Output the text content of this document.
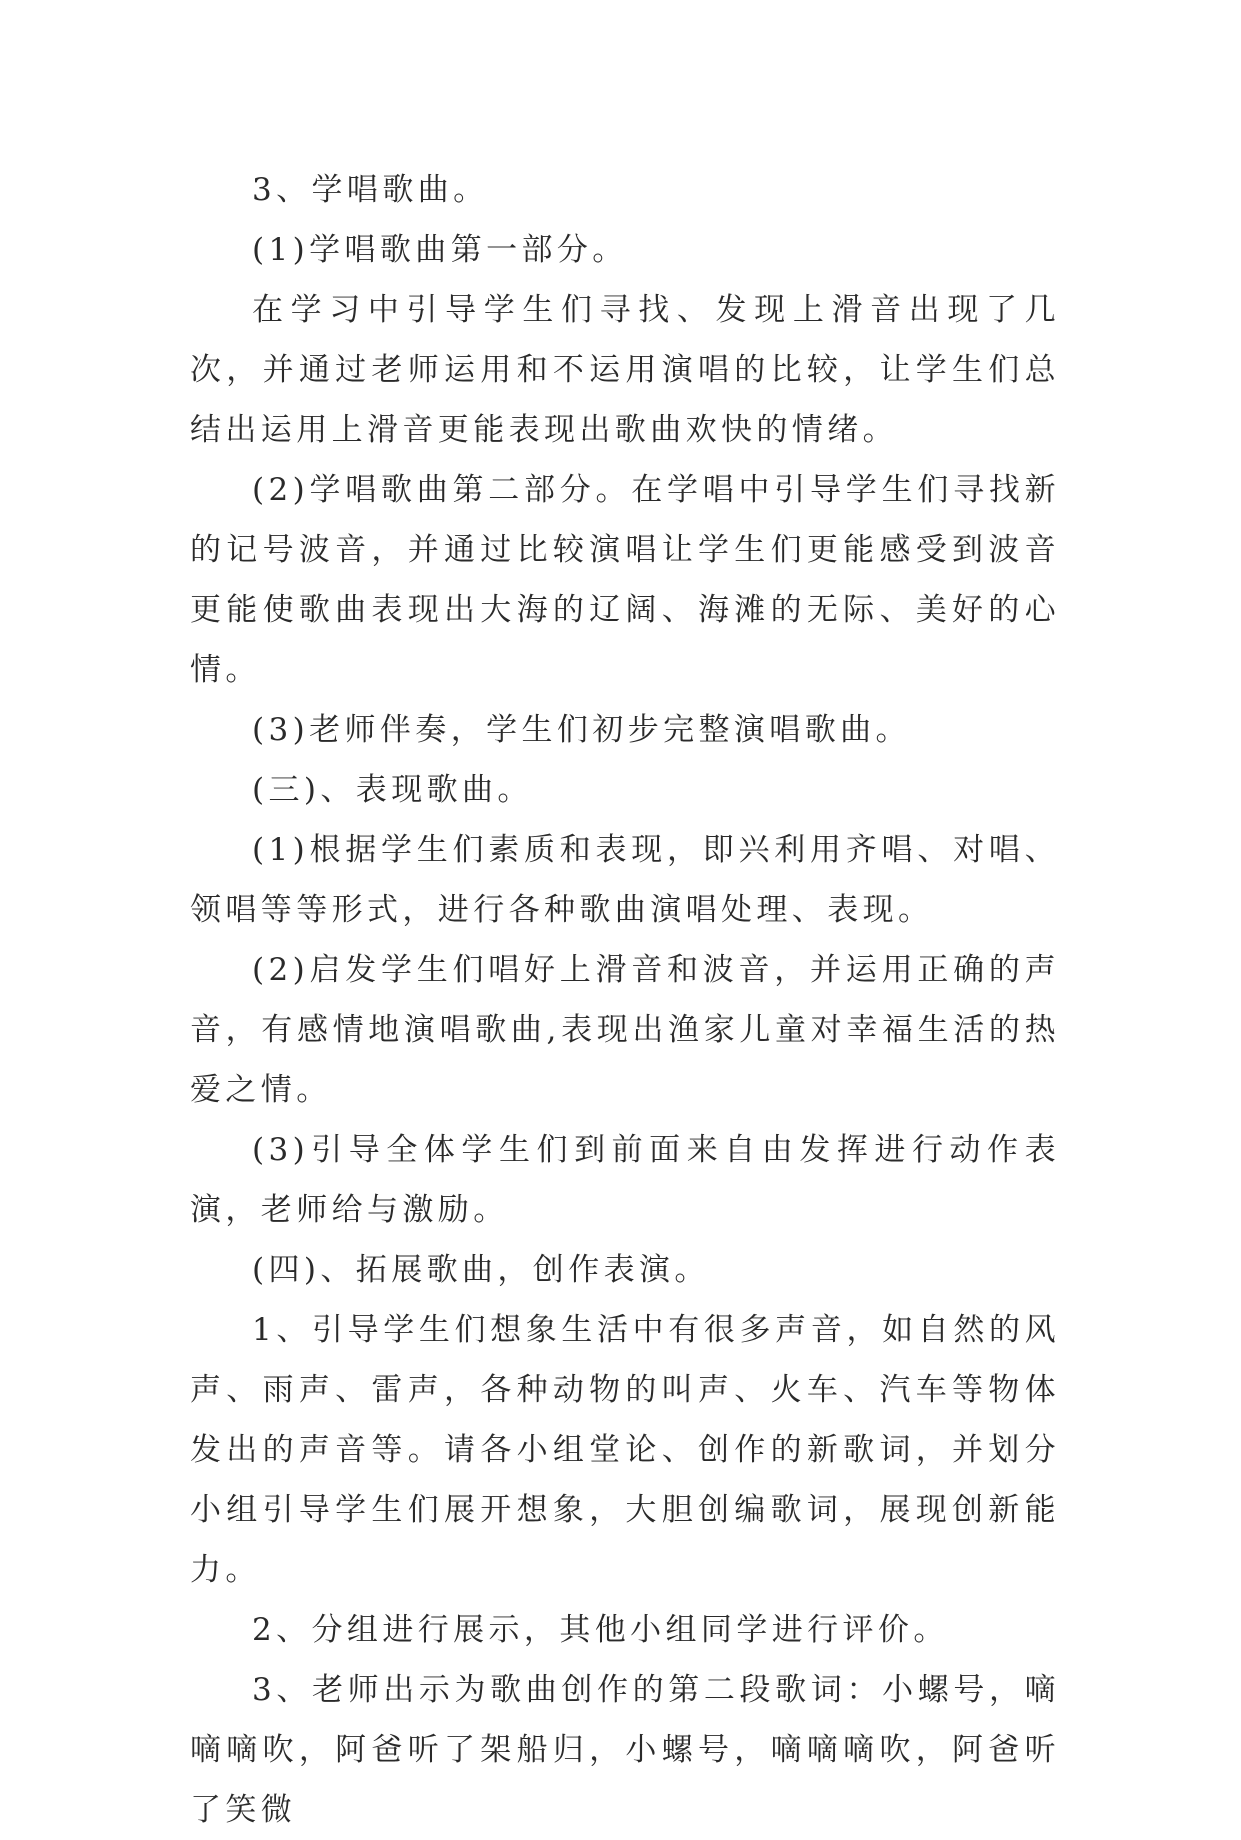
3、学唱歌曲。

(1)学唱歌曲第一部分。

在学习中引导学生们寻找、发现上滑音出现了几次，并通过老师运用和不运用演唱的比较，让学生们总结出运用上滑音更能表现出歌曲欢快的情绪。

(2)学唱歌曲第二部分。在学唱中引导学生们寻找新的记号波音，并通过比较演唱让学生们更能感受到波音更能使歌曲表现出大海的辽阔、海滩的无际、美好的心情。

(3)老师伴奏，学生们初步完整演唱歌曲。

(三)、表现歌曲。

(1)根据学生们素质和表现，即兴利用齐唱、对唱、领唱等等形式，进行各种歌曲演唱处理、表现。

(2)启发学生们唱好上滑音和波音，并运用正确的声音，有感情地演唱歌曲,表现出渔家儿童对幸福生活的热爱之情。

(3)引导全体学生们到前面来自由发挥进行动作表演，老师给与激励。

(四)、拓展歌曲，创作表演。

1、引导学生们想象生活中有很多声音，如自然的风声、雨声、雷声，各种动物的叫声、火车、汽车等物体发出的声音等。请各小组堂论、创作的新歌词，并划分小组引导学生们展开想象，大胆创编歌词，展现创新能力。

2、分组进行展示，其他小组同学进行评价。

3、老师出示为歌曲创作的第二段歌词：小螺号，嘀嘀嘀吹，阿爸听了架船归，小螺号，嘀嘀嘀吹，阿爸听了笑微
